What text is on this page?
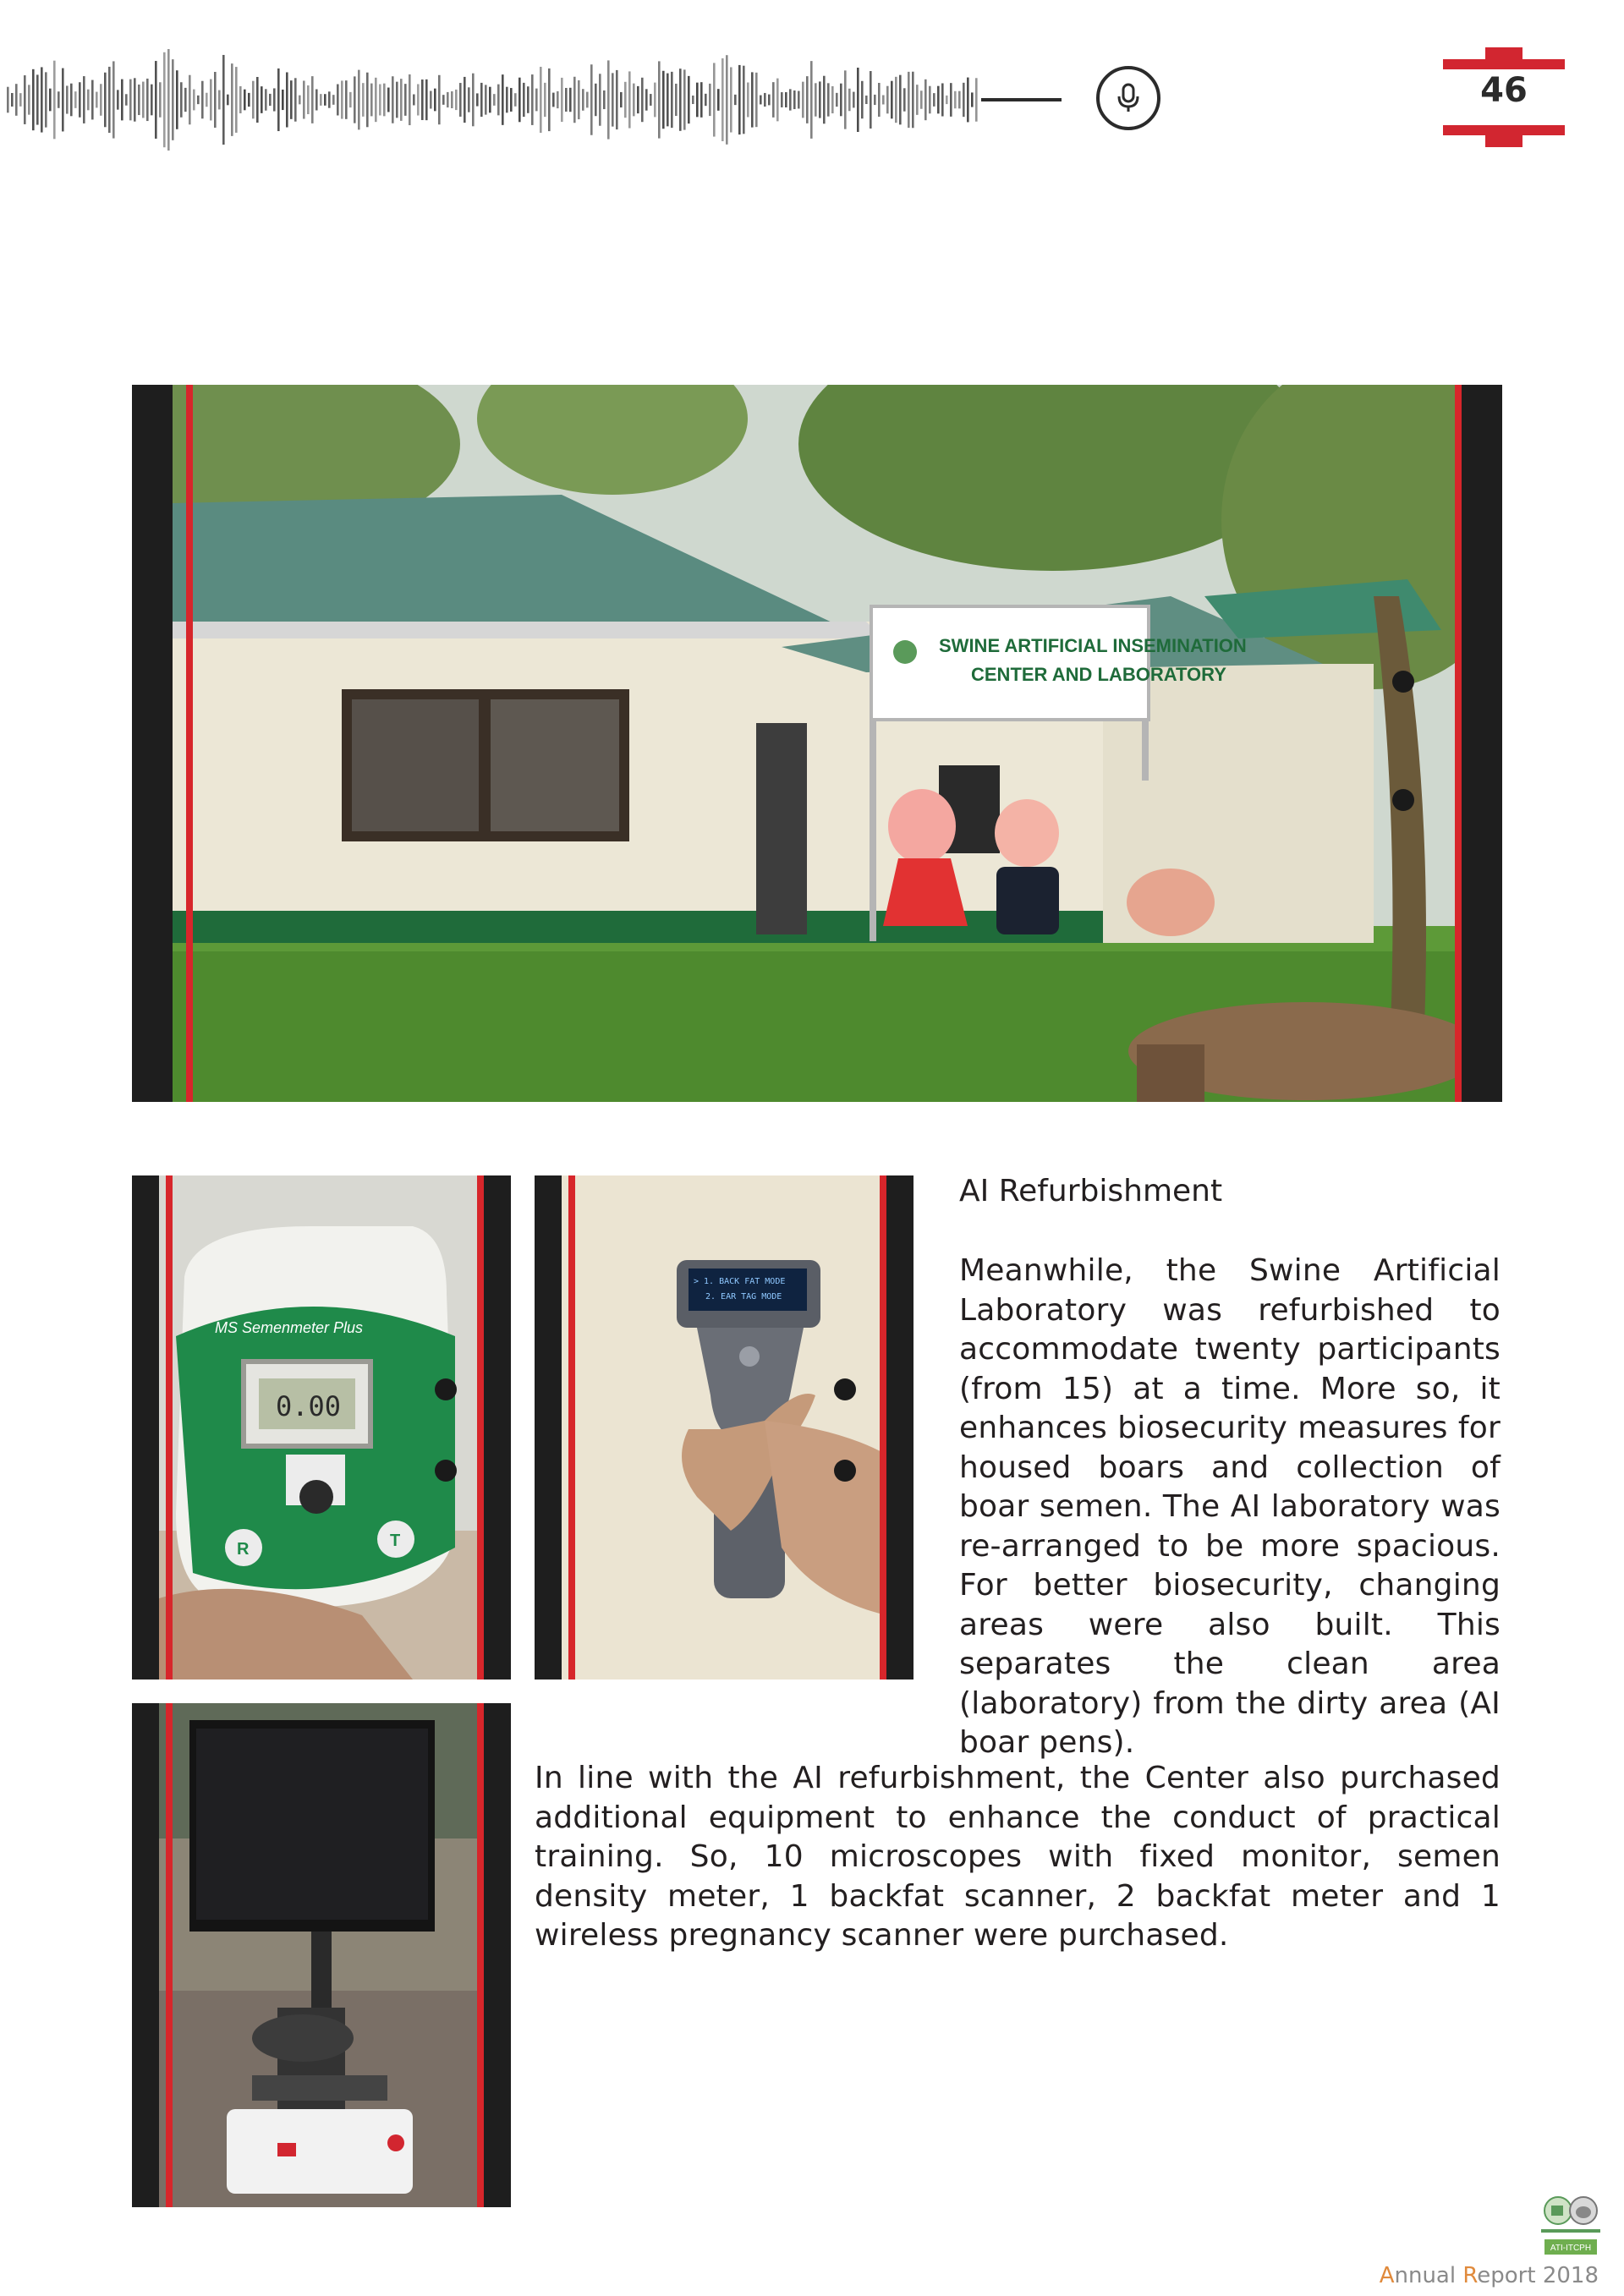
46
SWINE ARTIFICIAL INSEMINATION
CENTER AND LABORATORY
MS Semenmeter Plus
0.00
R	T
> 1. BACK FAT MODE
2. EAR TAG MODE
AI Refurbishment

Meanwhile, the Swine Artificial Laboratory was refurbished to accommodate twenty participants (from 15) at a time. More so, it enhances biosecurity measures for housed boars and collection of boar semen. The AI laboratory was re-arranged to be more spacious. For better biosecurity, changing areas were also built. This separates the clean area (laboratory) from the dirty area (AI boar pens).

In line with the AI refurbishment, the Center also purchased additional equipment to enhance the conduct of practical training. So, 10 microscopes with fixed monitor, semen density meter, 1 backfat scanner, 2 backfat meter and 1 wireless pregnancy scanner were purchased.

ATI-ITCPH
Annual Report 2018
